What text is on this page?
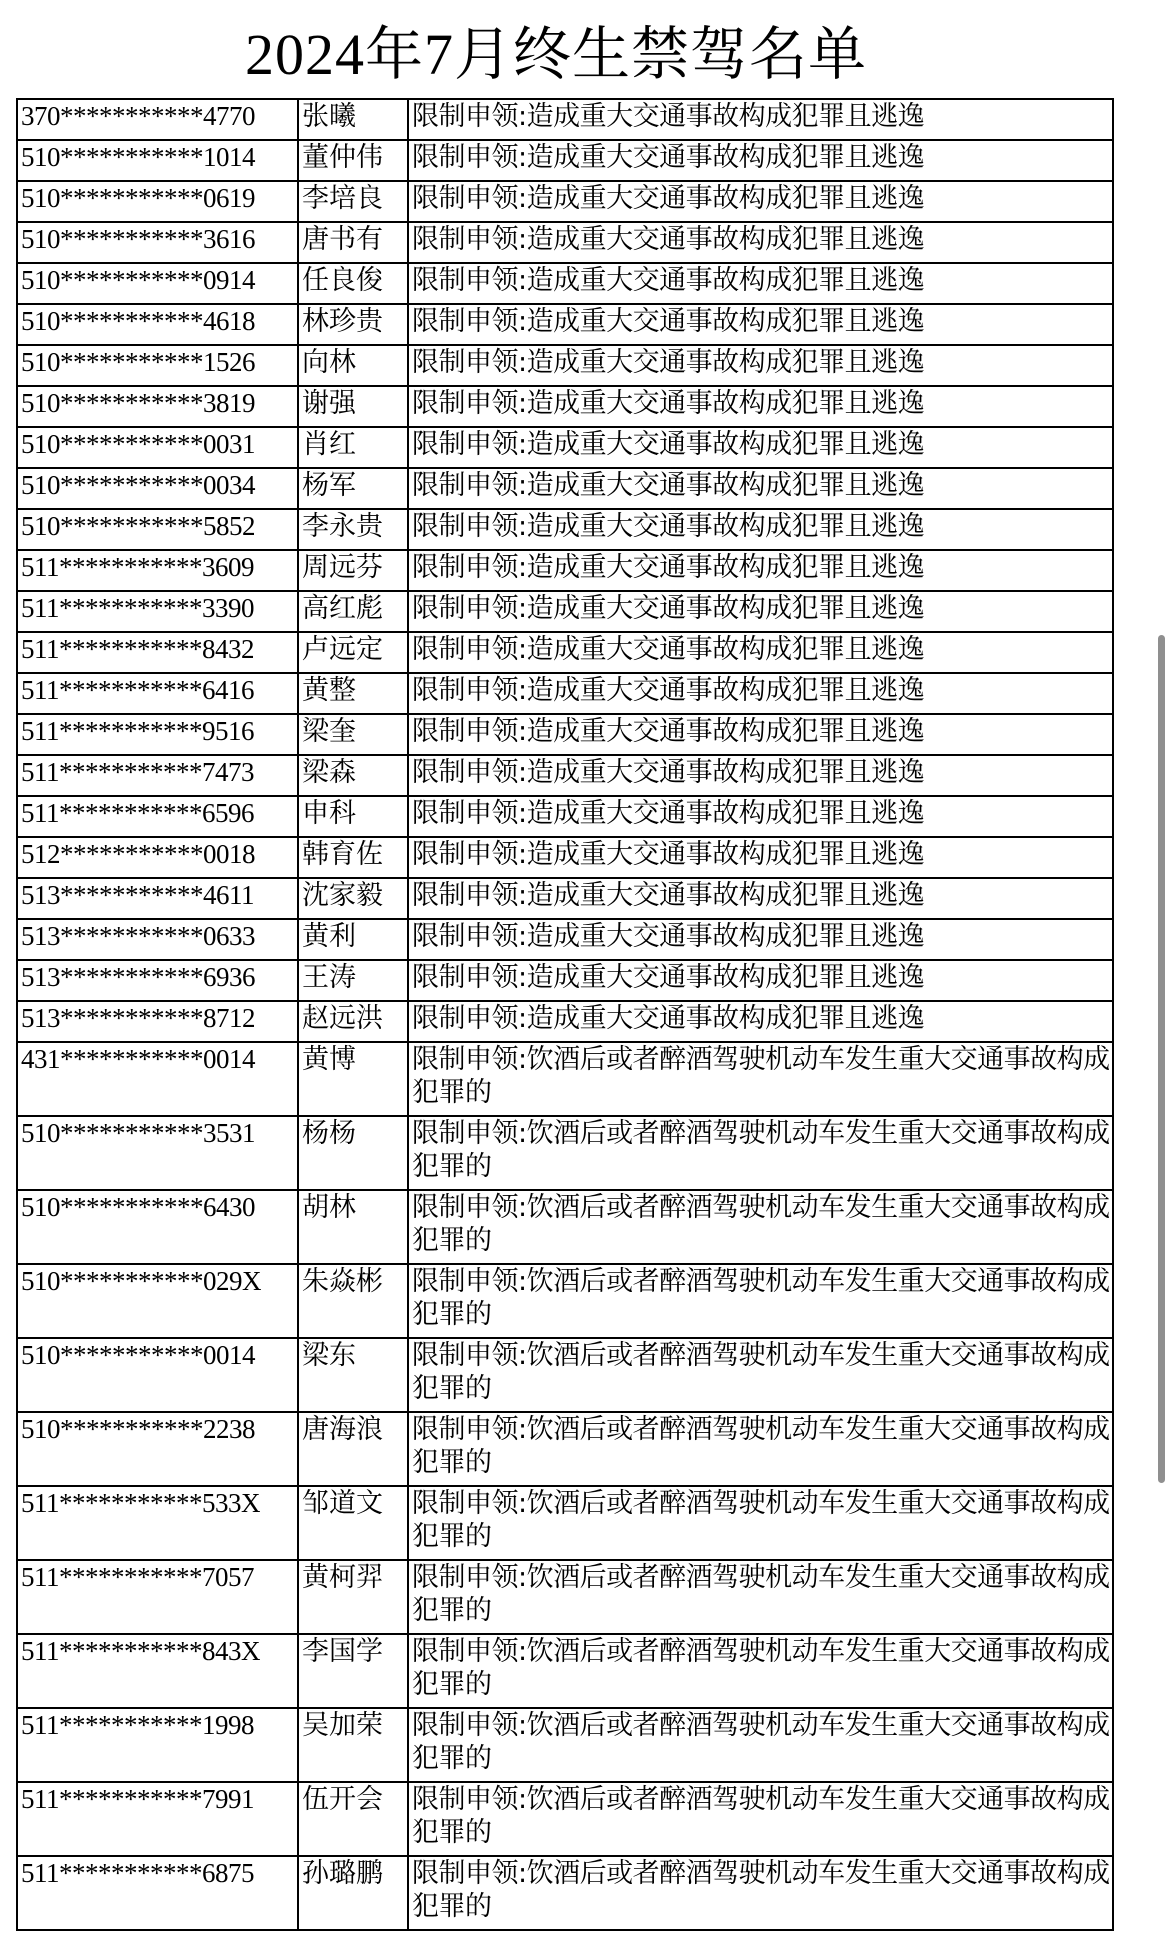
2024年7月终生禁驾名单
370***********4770	张曦	限制申领:造成重大交通事故构成犯罪且逃逸
510***********1014	董仲伟	限制申领:造成重大交通事故构成犯罪且逃逸
510***********0619	李培良	限制申领:造成重大交通事故构成犯罪且逃逸
510***********3616	唐书有	限制申领:造成重大交通事故构成犯罪且逃逸
510***********0914	任良俊	限制申领:造成重大交通事故构成犯罪且逃逸
510***********4618	林珍贵	限制申领:造成重大交通事故构成犯罪且逃逸
510***********1526	向林	限制申领:造成重大交通事故构成犯罪且逃逸
510***********3819	谢强	限制申领:造成重大交通事故构成犯罪且逃逸
510***********0031	肖红	限制申领:造成重大交通事故构成犯罪且逃逸
510***********0034	杨军	限制申领:造成重大交通事故构成犯罪且逃逸
510***********5852	李永贵	限制申领:造成重大交通事故构成犯罪且逃逸
511***********3609	周远芬	限制申领:造成重大交通事故构成犯罪且逃逸
511***********3390	高红彪	限制申领:造成重大交通事故构成犯罪且逃逸
511***********8432	卢远定	限制申领:造成重大交通事故构成犯罪且逃逸
511***********6416	黄整	限制申领:造成重大交通事故构成犯罪且逃逸
511***********9516	梁奎	限制申领:造成重大交通事故构成犯罪且逃逸
511***********7473	梁森	限制申领:造成重大交通事故构成犯罪且逃逸
511***********6596	申科	限制申领:造成重大交通事故构成犯罪且逃逸
512***********0018	韩育佐	限制申领:造成重大交通事故构成犯罪且逃逸
513***********4611	沈家毅	限制申领:造成重大交通事故构成犯罪且逃逸
513***********0633	黄利	限制申领:造成重大交通事故构成犯罪且逃逸
513***********6936	王涛	限制申领:造成重大交通事故构成犯罪且逃逸
513***********8712	赵远洪	限制申领:造成重大交通事故构成犯罪且逃逸
431***********0014	黄博	限制申领:饮酒后或者醉酒驾驶机动车发生重大交通事故构成犯罪的
510***********3531	杨杨	限制申领:饮酒后或者醉酒驾驶机动车发生重大交通事故构成犯罪的
510***********6430	胡林	限制申领:饮酒后或者醉酒驾驶机动车发生重大交通事故构成犯罪的
510***********029X	朱焱彬	限制申领:饮酒后或者醉酒驾驶机动车发生重大交通事故构成犯罪的
510***********0014	梁东	限制申领:饮酒后或者醉酒驾驶机动车发生重大交通事故构成犯罪的
510***********2238	唐海浪	限制申领:饮酒后或者醉酒驾驶机动车发生重大交通事故构成犯罪的
511***********533X	邹道文	限制申领:饮酒后或者醉酒驾驶机动车发生重大交通事故构成犯罪的
511***********7057	黄柯羿	限制申领:饮酒后或者醉酒驾驶机动车发生重大交通事故构成犯罪的
511***********843X	李国学	限制申领:饮酒后或者醉酒驾驶机动车发生重大交通事故构成犯罪的
511***********1998	吴加荣	限制申领:饮酒后或者醉酒驾驶机动车发生重大交通事故构成犯罪的
511***********7991	伍开会	限制申领:饮酒后或者醉酒驾驶机动车发生重大交通事故构成犯罪的
511***********6875	孙璐鹏	限制申领:饮酒后或者醉酒驾驶机动车发生重大交通事故构成犯罪的
